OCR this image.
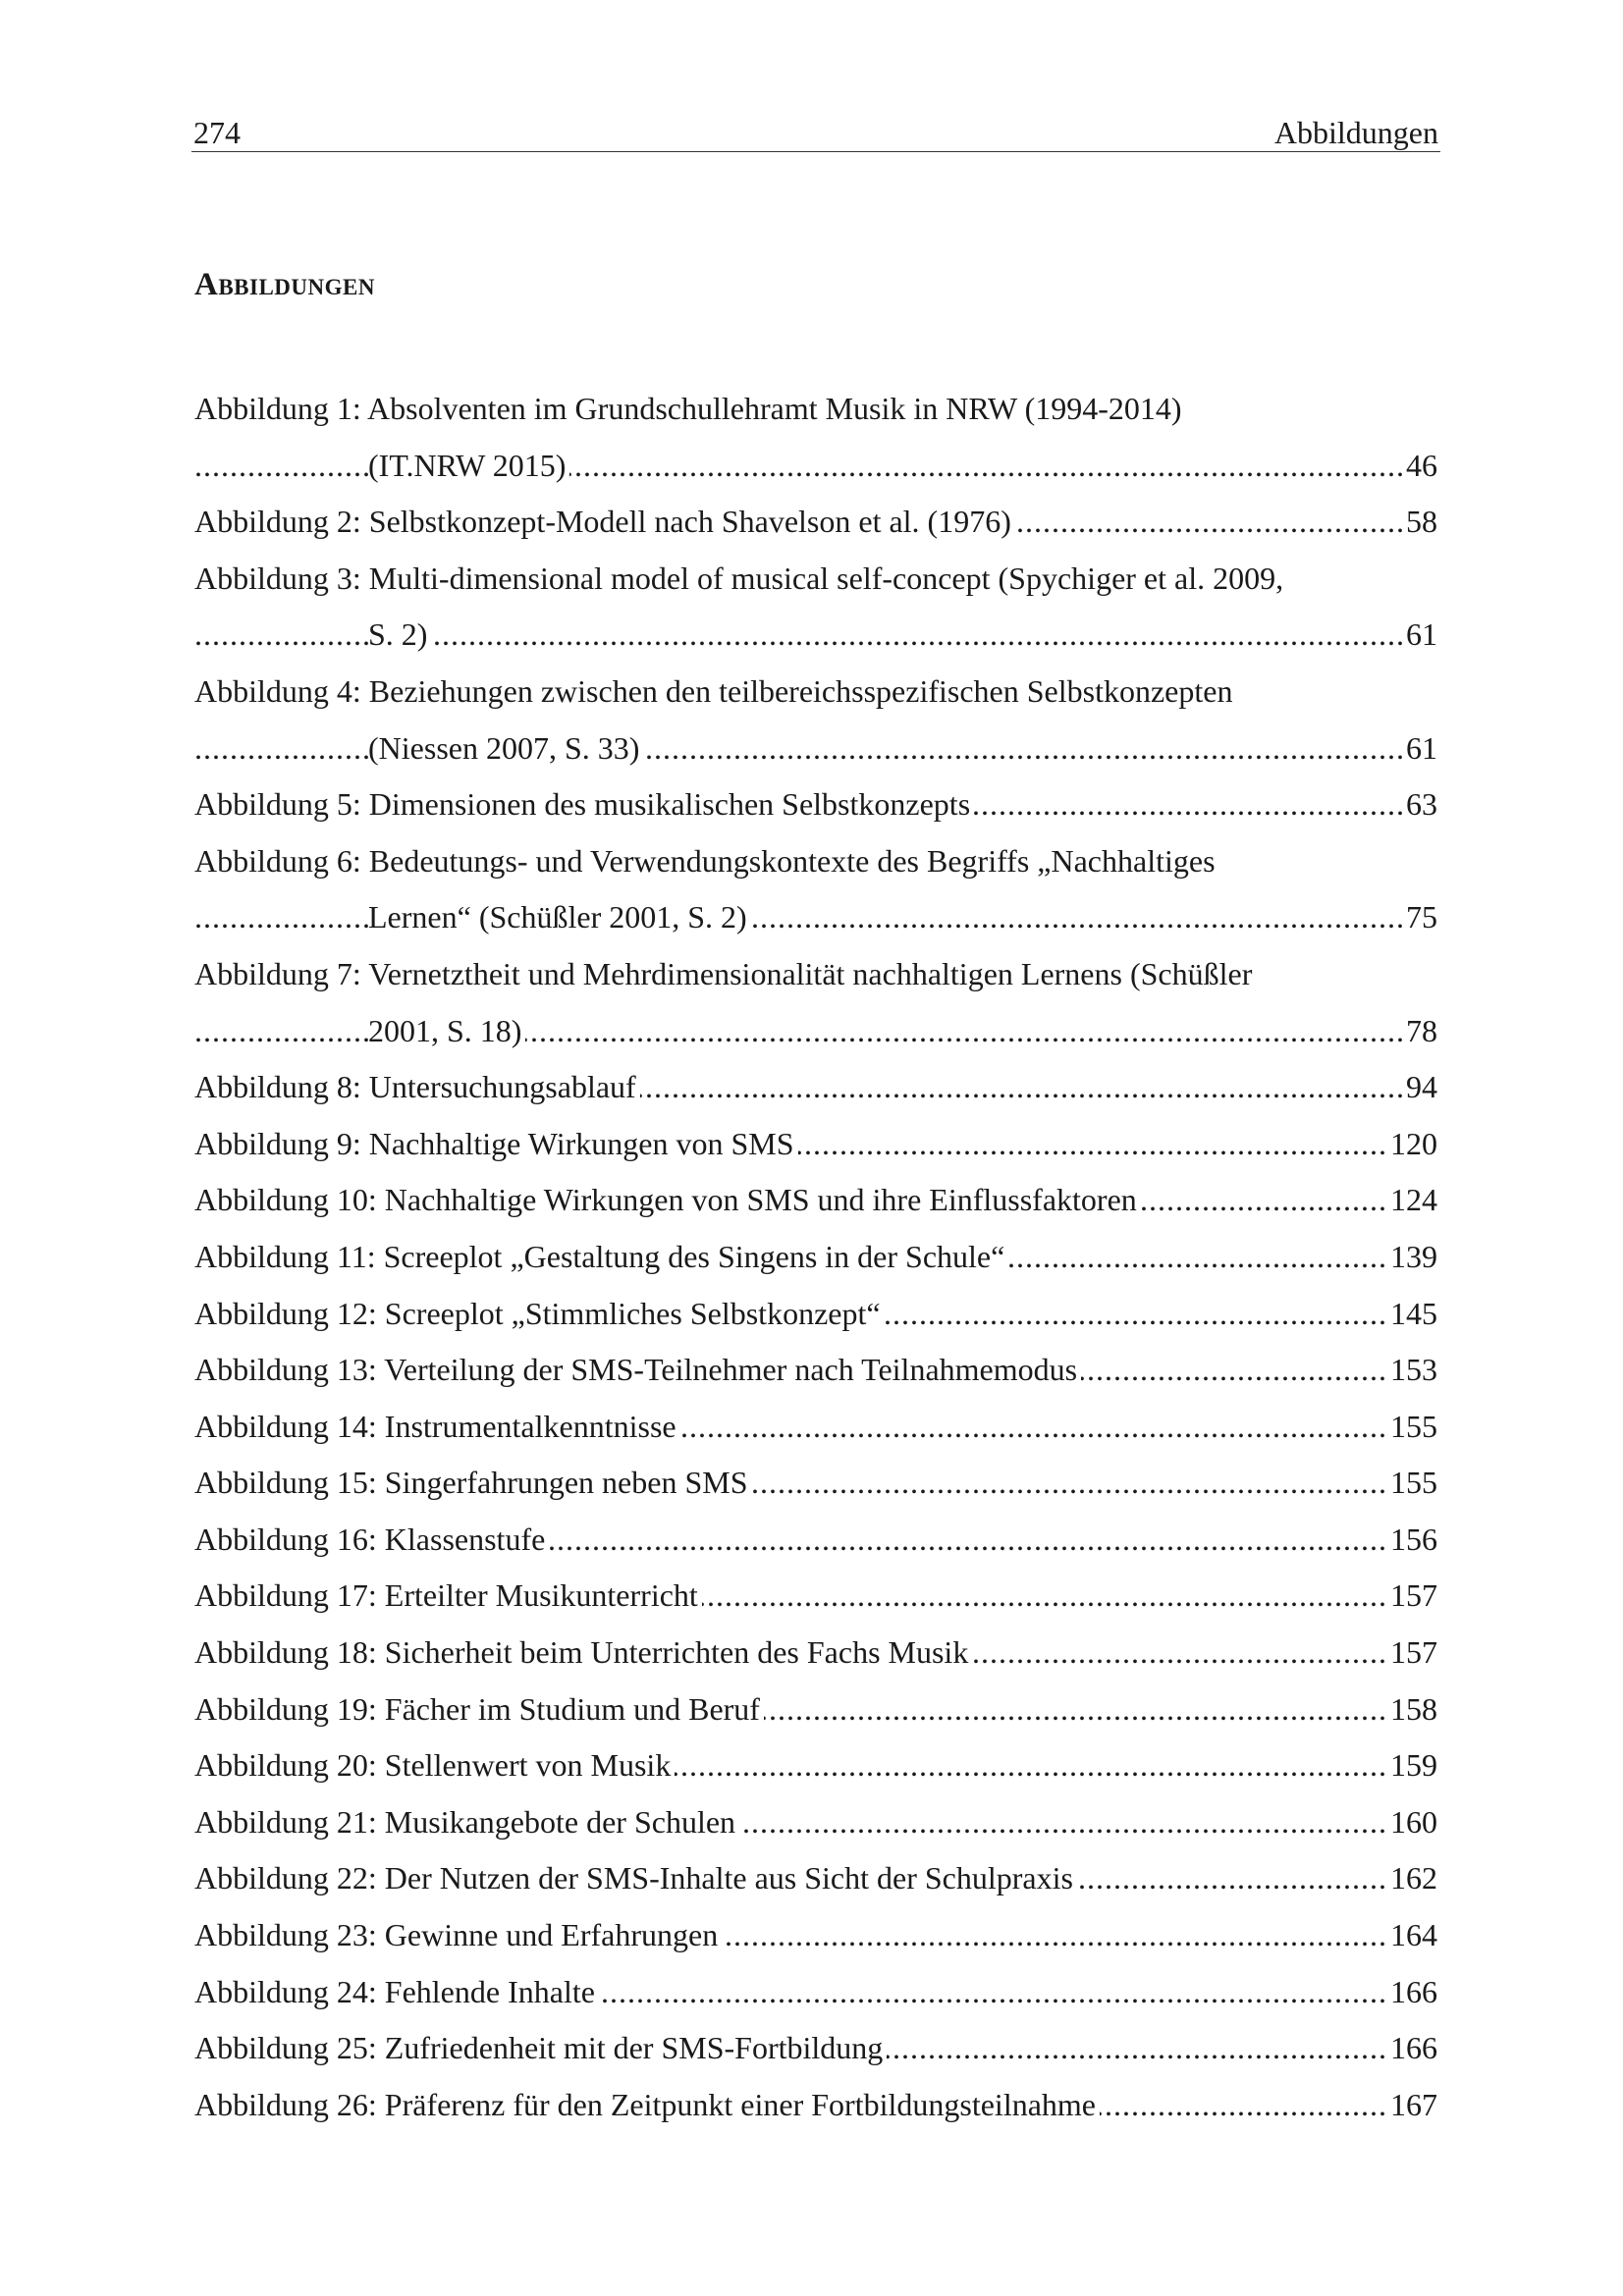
274	Abbildungen
Abbildungen
Abbildung 1: Absolventen im Grundschullehramt Musik in NRW (1994-2014)
.....
(IT.NRW 2015)	46
.....
Abbildung 2: Selbstkonzept-Modell nach Shavelson et al. (1976)	58
Abbildung 3: Multi-dimensional model of musical self-concept (Spychiger et al. 2009,
.....
S. 2)	61
Abbildung 4: Beziehungen zwischen den teilbereichsspezifischen Selbstkonzepten
.....
(Niessen 2007, S. 33)	61
.....
Abbildung 5: Dimensionen des musikalischen Selbstkonzepts	63
Abbildung 6: Bedeutungs- und Verwendungskontexte des Begriffs „Nachhaltiges
.....
Lernen“ (Schüßler 2001, S. 2)	75
Abbildung 7: Vernetztheit und Mehrdimensionalität nachhaltigen Lernens (Schüßler
.....
2001, S. 18)	78
.....
Abbildung 8: Untersuchungsablauf	94
.....
Abbildung 9: Nachhaltige Wirkungen von SMS	120
.....
Abbildung 10: Nachhaltige Wirkungen von SMS und ihre Einflussfaktoren	124
.....
Abbildung 11: Screeplot „Gestaltung des Singens in der Schule“	139
.....
Abbildung 12: Screeplot „Stimmliches Selbstkonzept“	145
.....
Abbildung 13: Verteilung der SMS-Teilnehmer nach Teilnahmemodus	153
.....
Abbildung 14: Instrumentalkenntnisse	155
.....
Abbildung 15: Singerfahrungen neben SMS	155
.....
Abbildung 16: Klassenstufe	156
.....
Abbildung 17: Erteilter Musikunterricht	157
.....
Abbildung 18: Sicherheit beim Unterrichten des Fachs Musik	157
.....
Abbildung 19: Fächer im Studium und Beruf	158
.....
Abbildung 20: Stellenwert von Musik	159
.....
Abbildung 21: Musikangebote der Schulen	160
.....
Abbildung 22: Der Nutzen der SMS-Inhalte aus Sicht der Schulpraxis	162
.....
Abbildung 23: Gewinne und Erfahrungen	164
.....
Abbildung 24: Fehlende Inhalte	166
.....
Abbildung 25: Zufriedenheit mit der SMS-Fortbildung	166
.....
Abbildung 26: Präferenz für den Zeitpunkt einer Fortbildungsteilnahme	167
